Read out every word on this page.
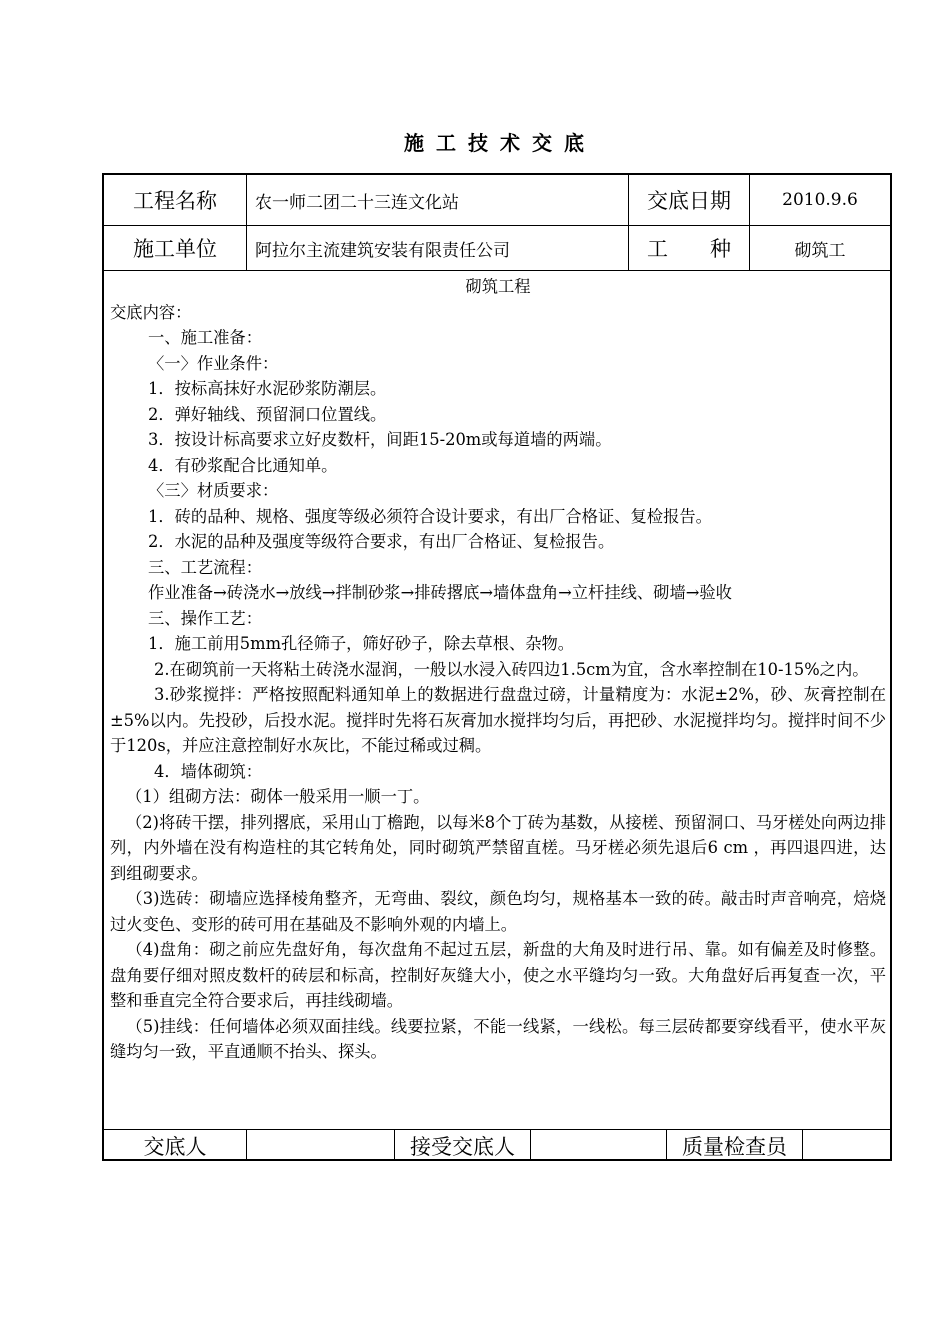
施工技术交底
工程名称	农一师二团二十三连文化站	交底日期	2010.9.6
施工单位	阿拉尔主流建筑安装有限责任公司	工　　种	砌筑工

砌筑工程

交底内容：

一、施工准备：

〈一〉作业条件：

1．按标高抹好水泥砂浆防潮层。

2．弹好轴线、预留洞口位置线。

3．按设计标高要求立好皮数杆，间距15-20m或每道墙的两端。

4．有砂浆配合比通知单。

〈三〉材质要求：

1．砖的品种、规格、强度等级必须符合设计要求，有出厂合格证、复检报告。

2．水泥的品种及强度等级符合要求，有出厂合格证、复检报告。

三、工艺流程：

作业准备→砖浇水→放线→拌制砂浆→排砖撂底→墙体盘角→立杆挂线、砌墙→验收

三、操作工艺：

1．施工前用5mm孔径筛子，筛好砂子，除去草根、杂物。

2.在砌筑前一天将粘土砖浇水湿润，一般以水浸入砖四边1.5cm为宜，含水率控制在10-15%之内。

3.砂浆搅拌：严格按照配料通知单上的数据进行盘盘过磅，计量精度为：水泥±2%，砂、灰膏控制在±5%以内。先投砂，后投水泥。搅拌时先将石灰膏加水搅拌均匀后，再把砂、水泥搅拌均匀。搅拌时间不少于120s，并应注意控制好水灰比，不能过稀或过稠。

4．墙体砌筑：

（1）组砌方法：砌体一般采用一顺一丁。

（2)将砖干摆，排列撂底，采用山丁檐跑，以每米8个丁砖为基数，从接槎、预留洞口、马牙槎处向两边排列，内外墙在没有构造柱的其它转角处，同时砌筑严禁留直槎。马牙槎必须先退后6 cm ，再四退四进，达到组砌要求。

（3)选砖：砌墙应选择棱角整齐，无弯曲、裂纹，颜色均匀，规格基本一致的砖。敲击时声音响亮，焙烧过火变色、变形的砖可用在基础及不影响外观的内墙上。

（4)盘角：砌之前应先盘好角，每次盘角不起过五层，新盘的大角及时进行吊、靠。如有偏差及时修整。盘角要仔细对照皮数杆的砖层和标高，控制好灰缝大小，使之水平缝均匀一致。大角盘好后再复查一次，平整和垂直完全符合要求后，再挂线砌墙。

（5)挂线：任何墙体必须双面挂线。线要拉紧，不能一线紧，一线松。每三层砖都要穿线看平，使水平灰缝均匀一致，平直通顺不抬头、探头。

交底人	接受交底人	质量检查员
